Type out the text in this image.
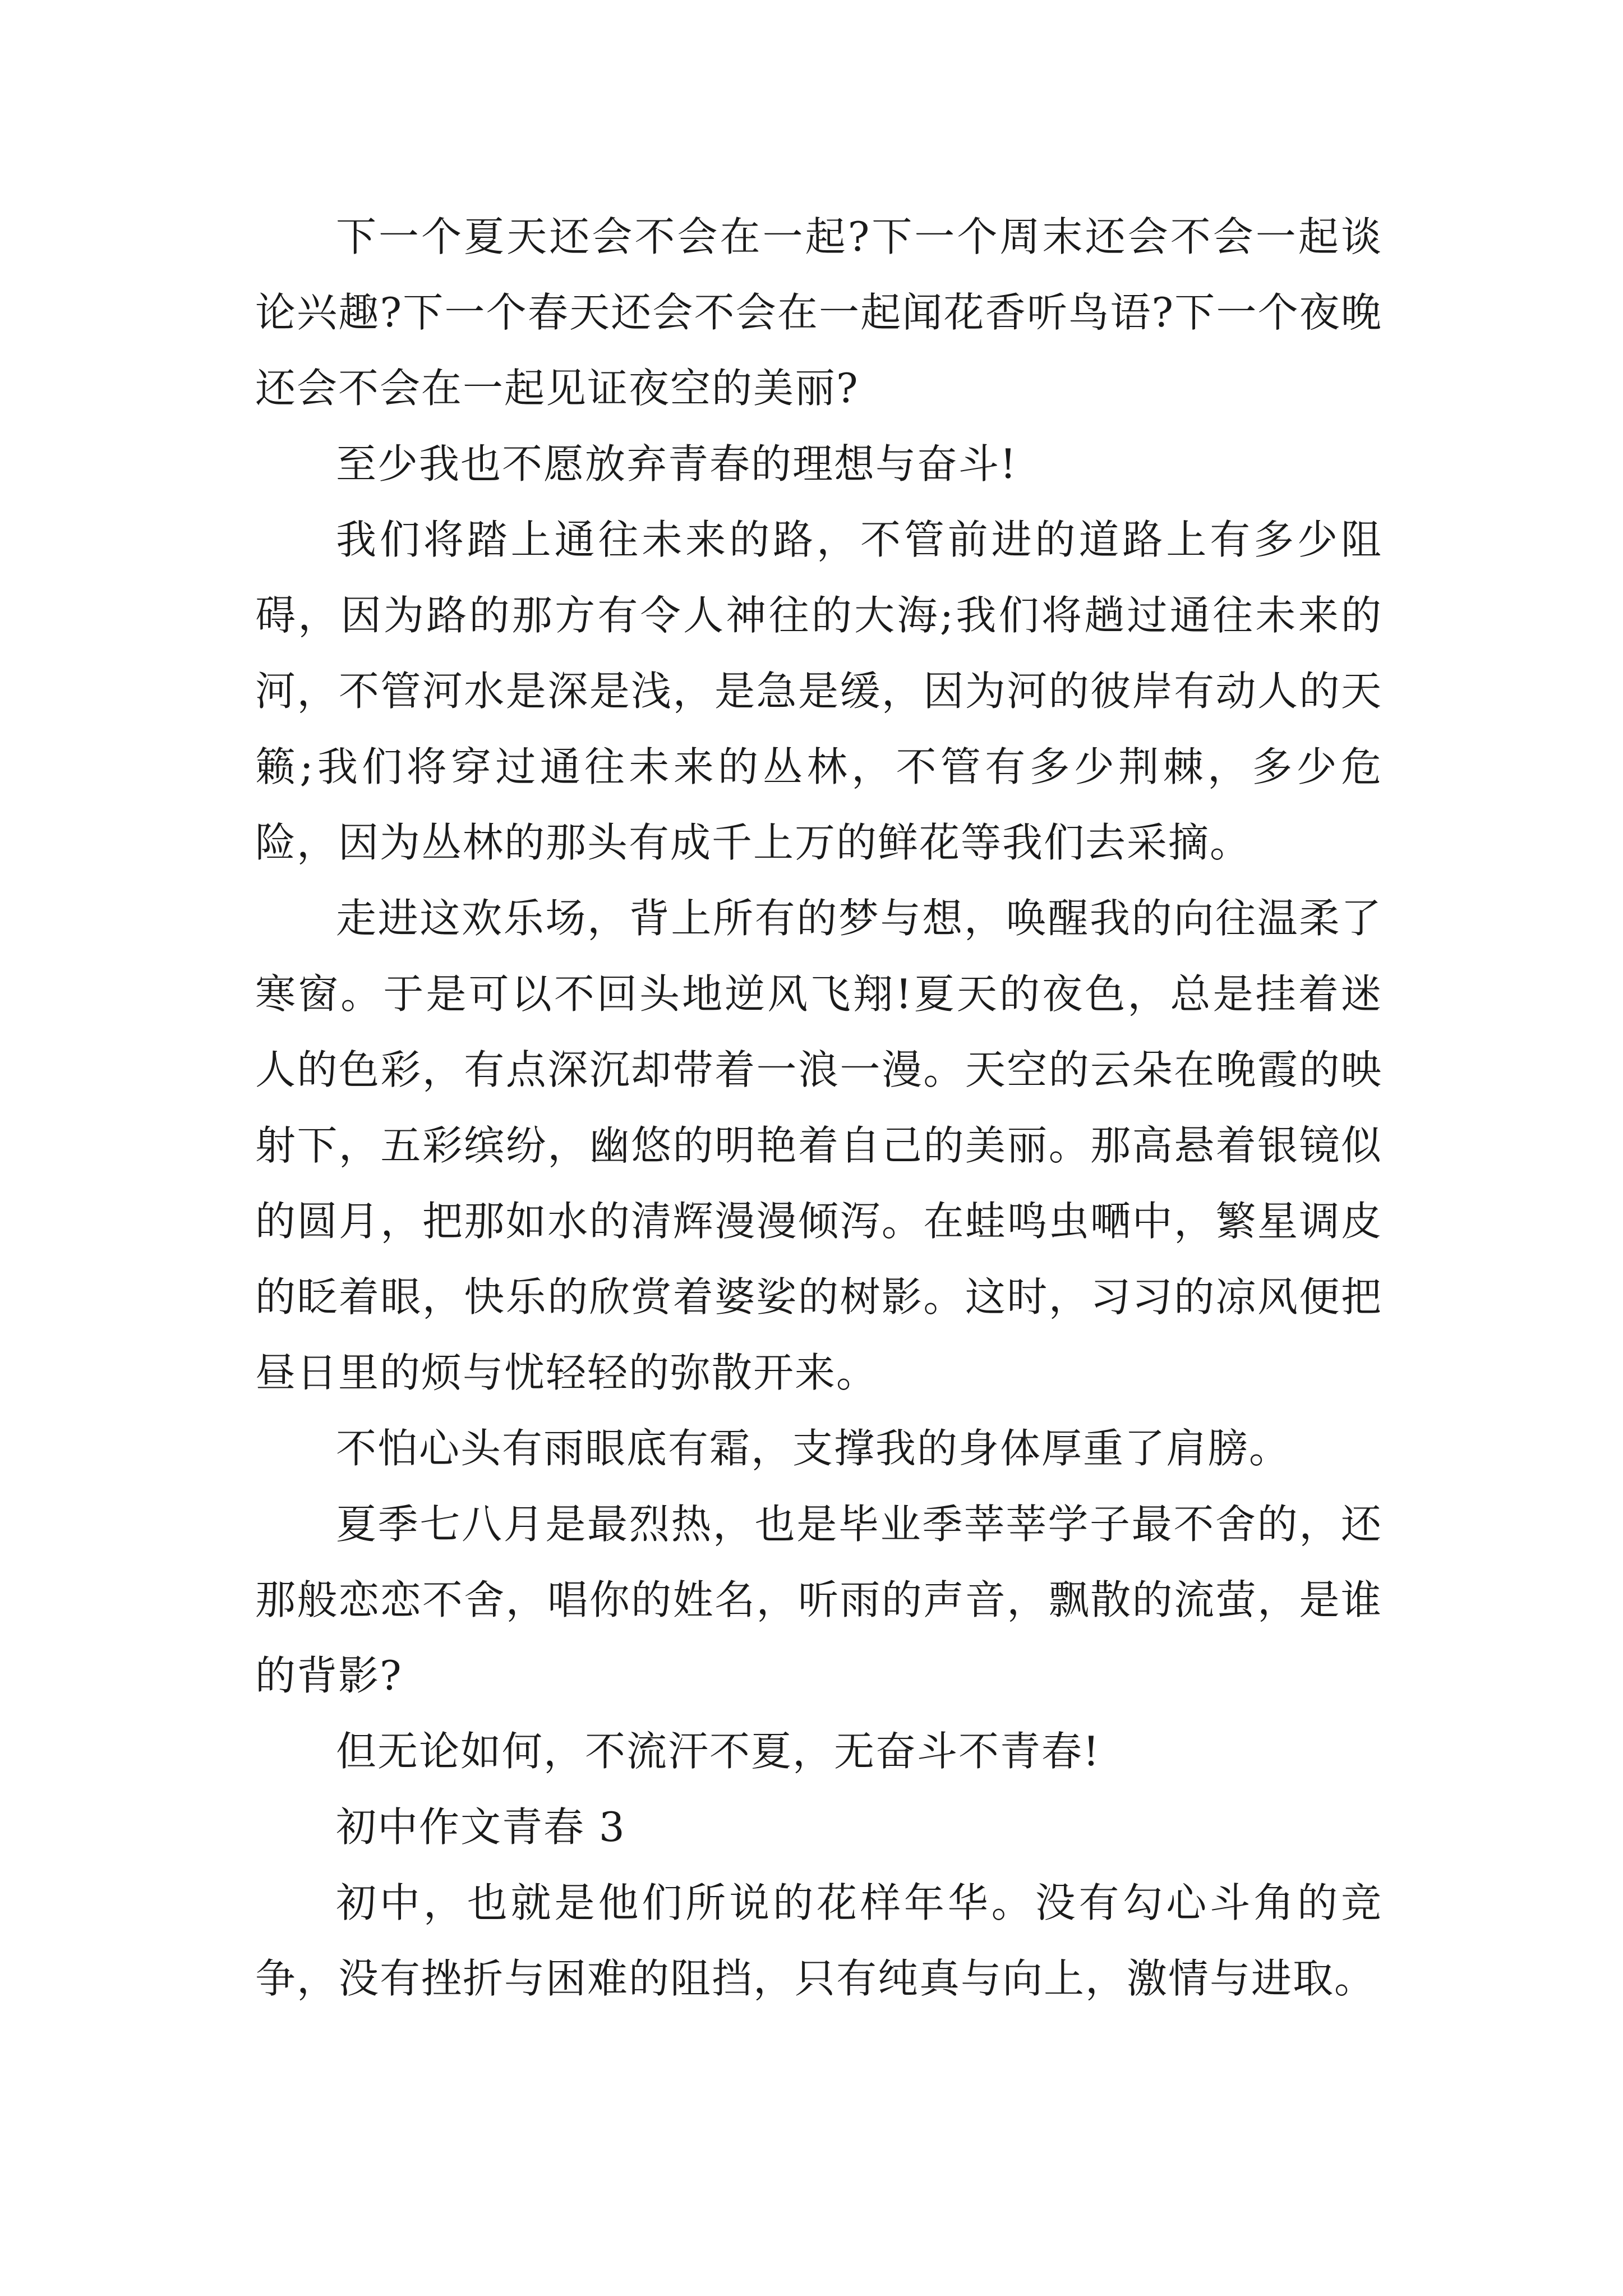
下一个夏天还会不会在一起?下一个周末还会不会一起谈论兴趣?下一个春天还会不会在一起闻花香听鸟语?下一个夜晚还会不会在一起见证夜空的美丽?

至少我也不愿放弃青春的理想与奋斗!

我们将踏上通往未来的路，不管前进的道路上有多少阻碍，因为路的那方有令人神往的大海;我们将趟过通往未来的河，不管河水是深是浅，是急是缓，因为河的彼岸有动人的天籁;我们将穿过通往未来的丛林，不管有多少荆棘，多少危险，因为丛林的那头有成千上万的鲜花等我们去采摘。

走进这欢乐场，背上所有的梦与想，唤醒我的向往温柔了寒窗。于是可以不回头地逆风飞翔!夏天的夜色，总是挂着迷人的色彩，有点深沉却带着一浪一漫。天空的云朵在晚霞的映射下，五彩缤纷，幽悠的明艳着自己的美丽。那高悬着银镜似的圆月，把那如水的清辉漫漫倾泻。在蛙鸣虫嗮中，繁星调皮的眨着眼，快乐的欣赏着婆娑的树影。这时，习习的凉风便把昼日里的烦与忧轻轻的弥散开来。

不怕心头有雨眼底有霜，支撑我的身体厚重了肩膀。

夏季七八月是最烈热，也是毕业季莘莘学子最不舍的，还那般恋恋不舍，唱你的姓名，听雨的声音，飘散的流萤，是谁的背影?

但无论如何，不流汗不夏，无奋斗不青春!

初中作文青春 3

初中，也就是他们所说的花样年华。没有勾心斗角的竞争，没有挫折与困难的阻挡，只有纯真与向上，激情与进取。
